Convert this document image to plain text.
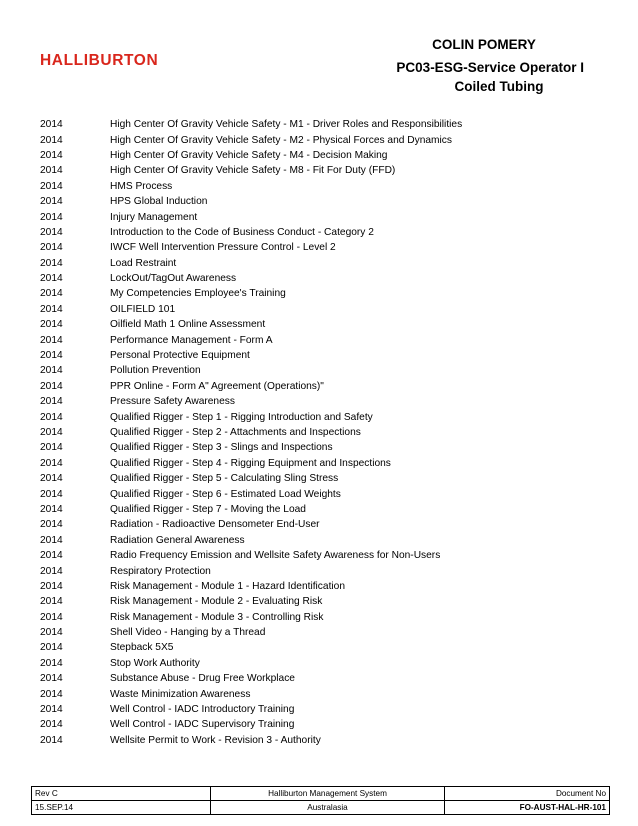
HALLIBURTON
COLIN POMERY
PC03-ESG-Service Operator I
Coiled Tubing
2014	High Center Of Gravity Vehicle Safety - M1 - Driver Roles and Responsibilities
2014	High Center Of Gravity Vehicle Safety - M2 - Physical Forces and Dynamics
2014	High Center Of Gravity Vehicle Safety - M4 - Decision Making
2014	High Center Of Gravity Vehicle Safety - M8 - Fit For Duty (FFD)
2014	HMS Process
2014	HPS Global Induction
2014	Injury Management
2014	Introduction to the Code of Business Conduct - Category 2
2014	IWCF Well Intervention Pressure Control - Level 2
2014	Load Restraint
2014	LockOut/TagOut Awareness
2014	My Competencies Employee's Training
2014	OILFIELD 101
2014	Oilfield Math 1 Online Assessment
2014	Performance Management - Form A
2014	Personal Protective Equipment
2014	Pollution Prevention
2014	PPR Online - Form A" Agreement (Operations)"
2014	Pressure Safety Awareness
2014	Qualified Rigger - Step 1 - Rigging Introduction and Safety
2014	Qualified Rigger - Step 2 - Attachments and Inspections
2014	Qualified Rigger - Step 3 - Slings and Inspections
2014	Qualified Rigger - Step 4 - Rigging Equipment and Inspections
2014	Qualified Rigger - Step 5 - Calculating Sling Stress
2014	Qualified Rigger - Step 6 - Estimated Load Weights
2014	Qualified Rigger - Step 7 - Moving the Load
2014	Radiation - Radioactive Densometer End-User
2014	Radiation General Awareness
2014	Radio Frequency Emission and Wellsite Safety Awareness for Non-Users
2014	Respiratory Protection
2014	Risk Management - Module 1 - Hazard Identification
2014	Risk Management - Module 2 - Evaluating Risk
2014	Risk Management - Module 3 - Controlling Risk
2014	Shell Video - Hanging by a Thread
2014	Stepback 5X5
2014	Stop Work Authority
2014	Substance Abuse - Drug Free Workplace
2014	Waste Minimization Awareness
2014	Well Control - IADC Introductory Training
2014	Well Control - IADC Supervisory Training
2014	Wellsite Permit to Work - Revision 3 - Authority
Rev C	Halliburton Management System	Document No
15.SEP.14	Australasia	FO-AUST-HAL-HR-101
